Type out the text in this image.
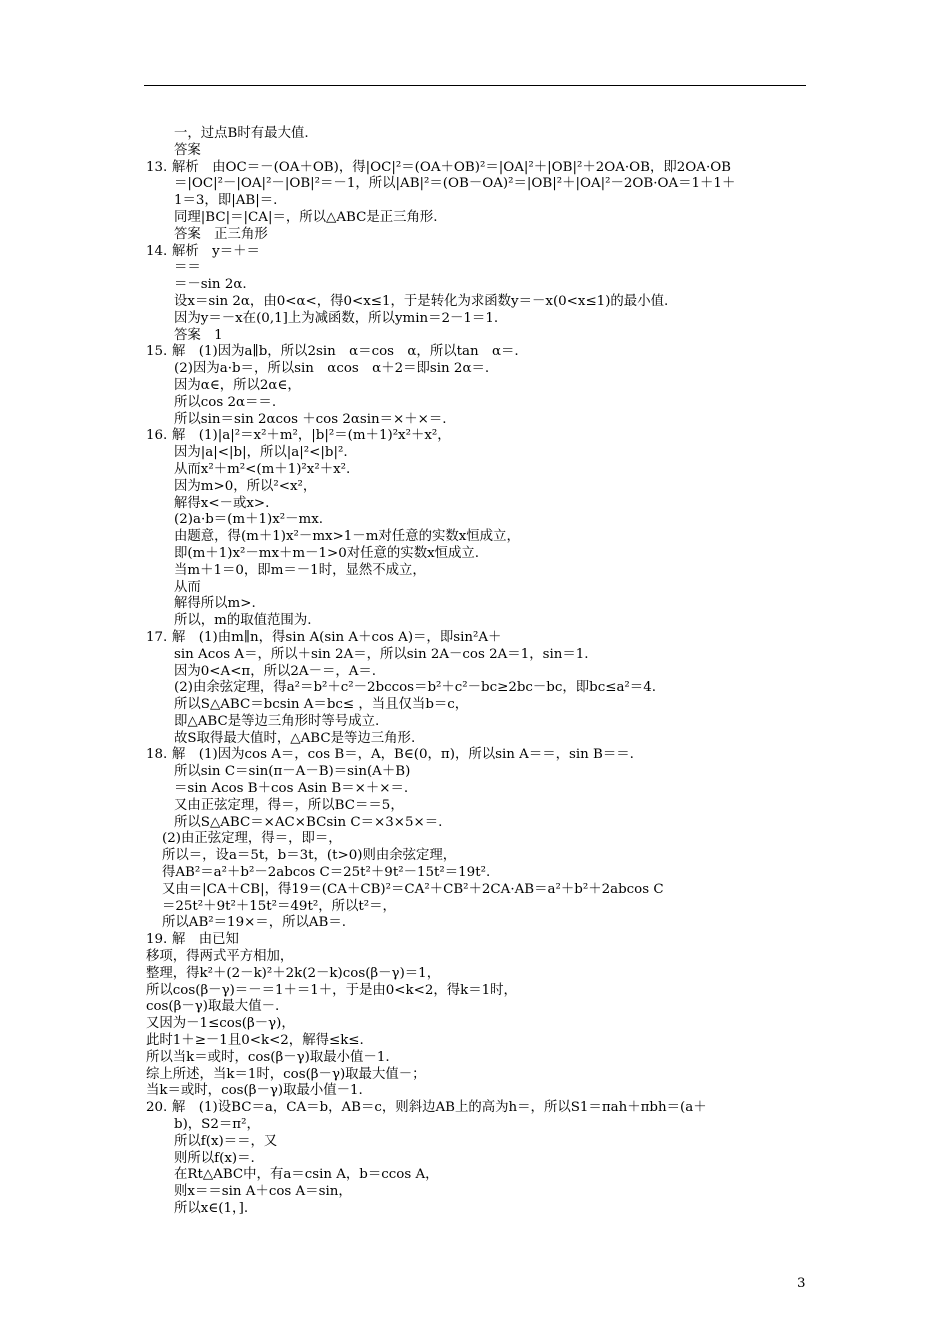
一，过点B时有最大值.
答案
13. 解析　由OC＝－(OA＋OB)，得|OC|²＝(OA＋OB)²＝|OA|²＋|OB|²＋2OA·OB，即2OA·OB
＝|OC|²－|OA|²－|OB|²＝－1，所以|AB|²＝(OB－OA)²＝|OB|²＋|OA|²－2OB·OA＝1＋1＋
1＝3，即|AB|＝.
同理|BC|＝|CA|＝，所以△ABC是正三角形.
答案　正三角形
14. 解析　y＝＋＝
＝＝
＝－sin 2α.
设x＝sin 2α，由0<α<，得0<x≤1，于是转化为求函数y＝－x(0<x≤1)的最小值.
因为y＝－x在(0,1]上为减函数，所以ymin＝2－1＝1.
答案　1
15. 解　(1)因为a∥b，所以2sin　α＝cos　α，所以tan　α＝.
(2)因为a·b＝，所以sin　αcos　α＋2＝即sin 2α＝.
因为α∈，所以2α∈，
所以cos 2α＝＝.
所以sin＝sin 2αcos ＋cos 2αsin＝×＋×＝.
16. 解　(1)|a|²＝x²＋m²，|b|²＝(m＋1)²x²＋x²，
因为|a|<|b|，所以|a|²<|b|².
从而x²＋m²<(m＋1)²x²＋x².
因为m>0，所以²<x²，
解得x<－或x>.
(2)a·b＝(m＋1)x²－mx.
由题意，得(m＋1)x²－mx>1－m对任意的实数x恒成立，
即(m＋1)x²－mx＋m－1>0对任意的实数x恒成立.
当m＋1＝0，即m＝－1时，显然不成立，
从而
解得所以m>.
所以，m的取值范围为.
17. 解　(1)由m∥n，得sin A(sin A＋cos A)＝，即sin²A＋
sin Acos A＝，所以＋sin 2A＝，所以sin 2A－cos 2A＝1，sin＝1.
因为0<A<π，所以2A－＝，A＝.
(2)由余弦定理，得a²＝b²＋c²－2bccos＝b²＋c²－bc≥2bc－bc，即bc≤a²＝4.
所以S△ABC＝bcsin A＝bc≤ ，当且仅当b＝c，
即△ABC是等边三角形时等号成立.
故S取得最大值时，△ABC是等边三角形.
18. 解　(1)因为cos A＝，cos B＝，A，B∈(0，π)，所以sin A＝＝，sin B＝＝.
所以sin C＝sin(π－A－B)＝sin(A＋B)
＝sin Acos B＋cos Asin B＝×＋×＝.
又由正弦定理，得＝，所以BC＝＝5，
所以S△ABC＝×AC×BCsin C＝×3×5×＝.
(2)由正弦定理，得＝，即＝，
所以＝，设a＝5t，b＝3t，(t>0)则由余弦定理，
得AB²＝a²＋b²－2abcos C＝25t²＋9t²－15t²＝19t².
又由＝|CA＋CB|，得19＝(CA＋CB)²＝CA²＋CB²＋2CA·AB＝a²＋b²＋2abcos C
＝25t²＋9t²＋15t²＝49t²，所以t²＝，
所以AB²＝19×＝，所以AB＝.
19. 解　由已知
移项，得两式平方相加，
整理，得k²＋(2－k)²＋2k(2－k)cos(β－γ)＝1，
所以cos(β－γ)＝－＝1＋＝1＋，于是由0<k<2，得k＝1时，
cos(β－γ)取最大值－.
又因为－1≤cos(β－γ)，
此时1＋≥－1且0<k<2，解得≤k≤.
所以当k＝或时，cos(β－γ)取最小值－1.
综上所述，当k＝1时，cos(β－γ)取最大值－；
当k＝或时，cos(β－γ)取最小值－1.
20. 解　(1)设BC＝a，CA＝b，AB＝c，则斜边AB上的高为h＝，所以S1＝πah＋πbh＝(a＋
b)，S2＝π²，
所以f(x)＝＝，又
则所以f(x)＝.
在Rt△ABC中，有a＝csin A，b＝ccos A，
则x＝＝sin A＋cos A＝sin，
所以x∈(1，].
3
